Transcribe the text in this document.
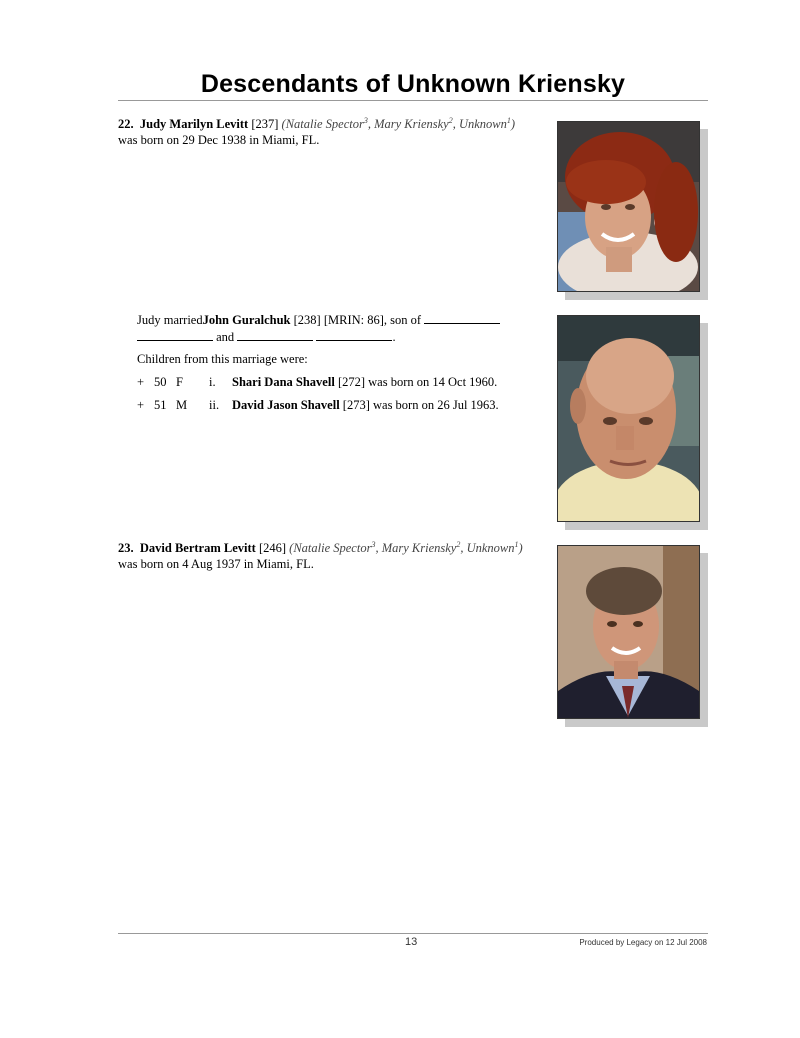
Descendants of Unknown Kriensky
22. Judy Marilyn Levitt [237] (Natalie Spector$^3$, Mary Kriensky$^2$, Unknown$^1$)
was born on 29 Dec 1938 in Miami, FL.
Judy marriedJohn Guralchuk [238] [MRIN: 86], son of
and	.
Children from this marriage were:
+ 50 F	i.	Shari Dana Shavell [272] was born on 14 Oct 1960.
+ 51 M	ii.	David Jason Shavell [273] was born on 26 Jul 1963.
23. David Bertram Levitt [246] (Natalie Spector$^3$, Mary Kriensky$^2$, Unknown$^1$)
was born on 4 Aug 1937 in Miami, FL.
13	Produced by Legacy on 12 Jul 2008
